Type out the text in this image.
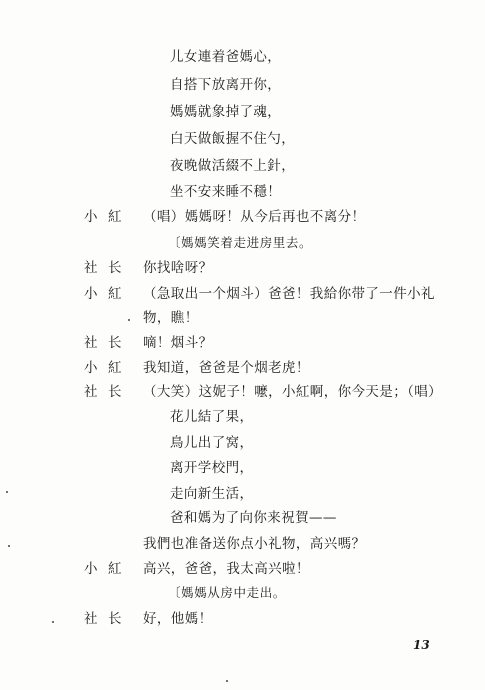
儿女連着爸媽心，
自搭下放离开你，
媽媽就象掉了魂，
白天做飯握不住勺，
夜晚做活綴不上針，
坐不安来睡不穩！
小 紅 （唱）媽媽呀！从今后再也不离分！
〔媽媽笑着走进房里去。
社 长 你找啥呀？
小 紅 （急取出一个烟斗）爸爸！我給你带了一件小礼
物，瞧！
社 长 嘀！烟斗？
小 紅 我知道，爸爸是个烟老虎！
社 长 （大笑）这妮子！嚒，小紅啊，你今天是；（唱）
花儿結了果，
鳥儿出了窝，
离开学校門，
走向新生活，
爸和媽为了向你来祝賀——
我們也准备送你点小礼物，高兴嗎？
小 紅 高兴，爸爸，我太高兴啦！
〔媽媽从房中走出。
社 长 好，他媽！
13
